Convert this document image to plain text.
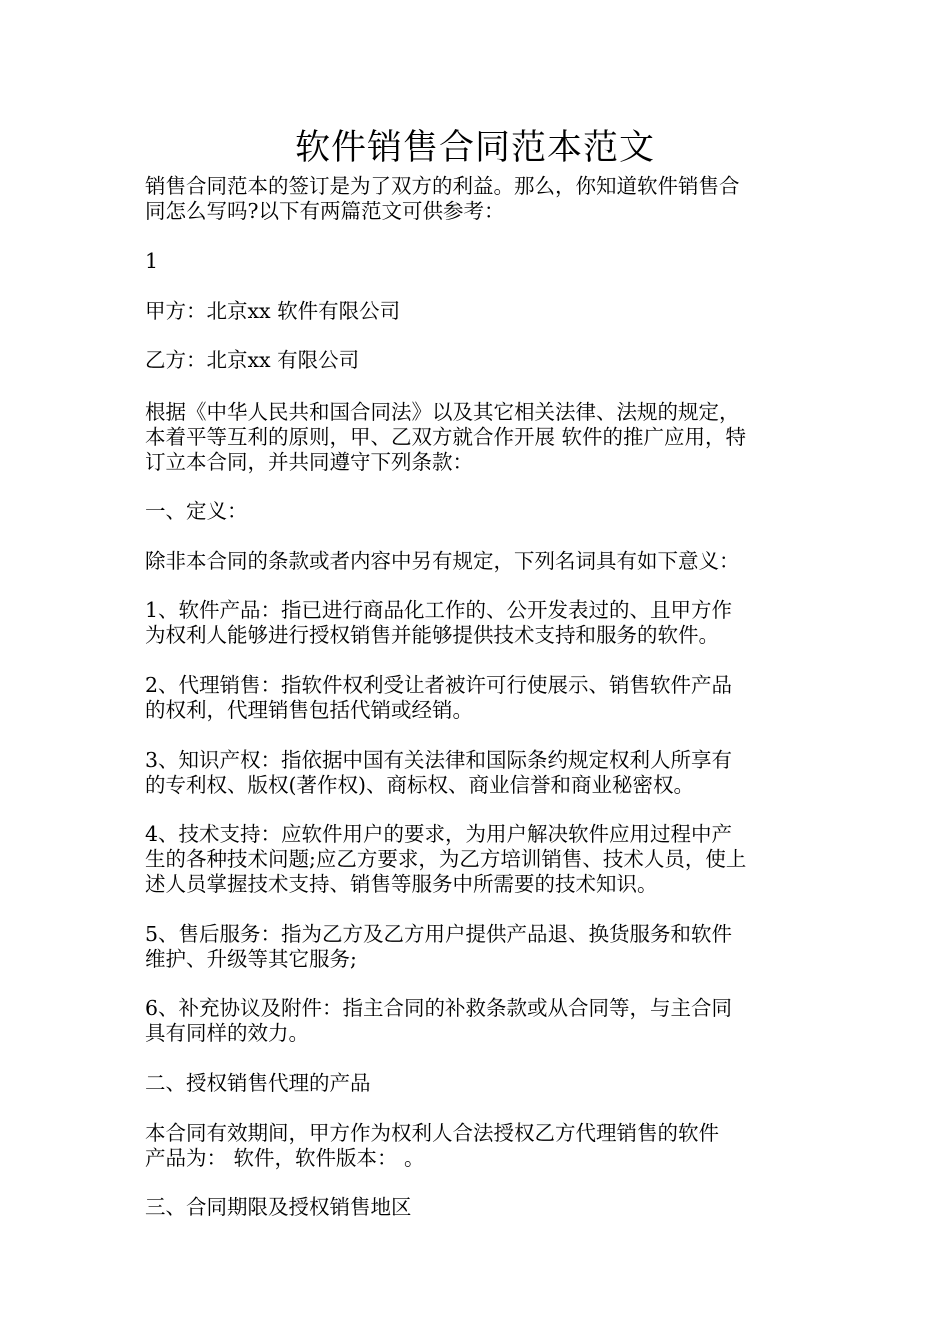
软件销售合同范本范文
销售合同范本的签订是为了双方的利益。那么，你知道软件销售合
同怎么写吗?以下有两篇范文可供参考：
1
甲方：北京xx 软件有限公司
乙方：北京xx 有限公司
根据《中华人民共和国合同法》以及其它相关法律、法规的规定，
本着平等互利的原则，甲、乙双方就合作开展 软件的推广应用，特
订立本合同，并共同遵守下列条款：
一、定义：
除非本合同的条款或者内容中另有规定，下列名词具有如下意义：
1、软件产品：指已进行商品化工作的、公开发表过的、且甲方作
为权利人能够进行授权销售并能够提供技术支持和服务的软件。
2、代理销售：指软件权利受让者被许可行使展示、销售软件产品
的权利，代理销售包括代销或经销。
3、知识产权：指依据中国有关法律和国际条约规定权利人所享有
的专利权、版权(著作权)、商标权、商业信誉和商业秘密权。
4、技术支持：应软件用户的要求，为用户解决软件应用过程中产
生的各种技术问题;应乙方要求，为乙方培训销售、技术人员，使上
述人员掌握技术支持、销售等服务中所需要的技术知识。
5、售后服务：指为乙方及乙方用户提供产品退、换货服务和软件
维护、升级等其它服务;
6、补充协议及附件：指主合同的补救条款或从合同等，与主合同
具有同样的效力。
二、授权销售代理的产品
本合同有效期间，甲方作为权利人合法授权乙方代理销售的软件
产品为： 软件，软件版本： 。
三、合同期限及授权销售地区
